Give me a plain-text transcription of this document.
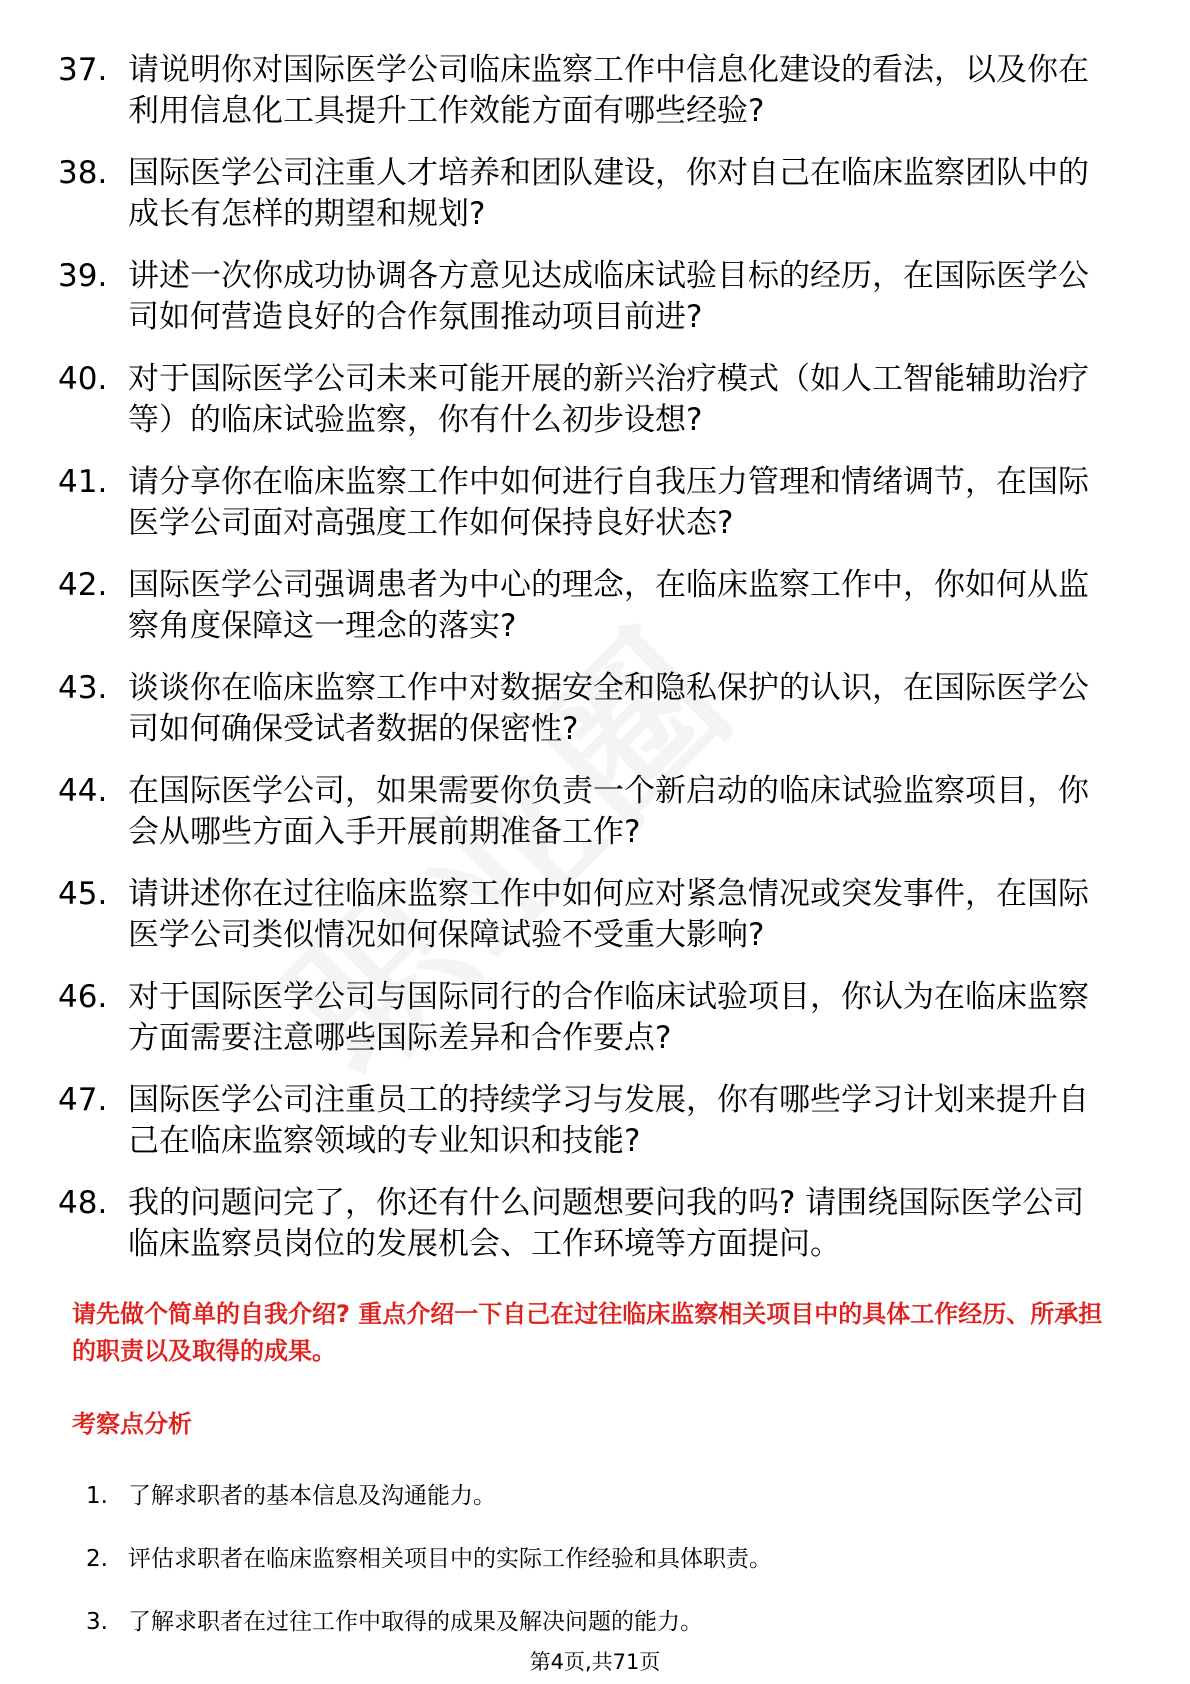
37. 请说明你对国际医学公司临床监察工作中信息化建设的看法，以及你在利用信息化工具提升工作效能方面有哪些经验?
38. 国际医学公司注重人才培养和团队建设，你对自己在临床监察团队中的成长有怎样的期望和规划?
39. 讲述一次你成功协调各方意见达成临床试验目标的经历，在国际医学公司如何营造良好的合作氛围推动项目前进?
40. 对于国际医学公司未来可能开展的新兴治疗模式（如人工智能辅助治疗等）的临床试验监察，你有什么初步设想?
41. 请分享你在临床监察工作中如何进行自我压力管理和情绪调节，在国际医学公司面对高强度工作如何保持良好状态?
42. 国际医学公司强调患者为中心的理念，在临床监察工作中，你如何从监察角度保障这一理念的落实?
43. 谈谈你在临床监察工作中对数据安全和隐私保护的认识，在国际医学公司如何确保受试者数据的保密性?
44. 在国际医学公司，如果需要你负责一个新启动的临床试验监察项目，你会从哪些方面入手开展前期准备工作?
45. 请讲述你在过往临床监察工作中如何应对紧急情况或突发事件，在国际医学公司类似情况如何保障试验不受重大影响?
46. 对于国际医学公司与国际同行的合作临床试验项目，你认为在临床监察方面需要注意哪些国际差异和合作要点?
47. 国际医学公司注重员工的持续学习与发展，你有哪些学习计划来提升自己在临床监察领域的专业知识和技能?
48. 我的问题问完了，你还有什么问题想要问我的吗? 请围绕国际医学公司临床监察员岗位的发展机会、工作环境等方面提问。
请先做个简单的自我介绍? 重点介绍一下自己在过往临床监察相关项目中的具体工作经历、所承担的职责以及取得的成果。
考察点分析
1. 了解求职者的基本信息及沟通能力。
2. 评估求职者在临床监察相关项目中的实际工作经验和具体职责。
3. 了解求职者在过往工作中取得的成果及解决问题的能力。
第4页,共71页
